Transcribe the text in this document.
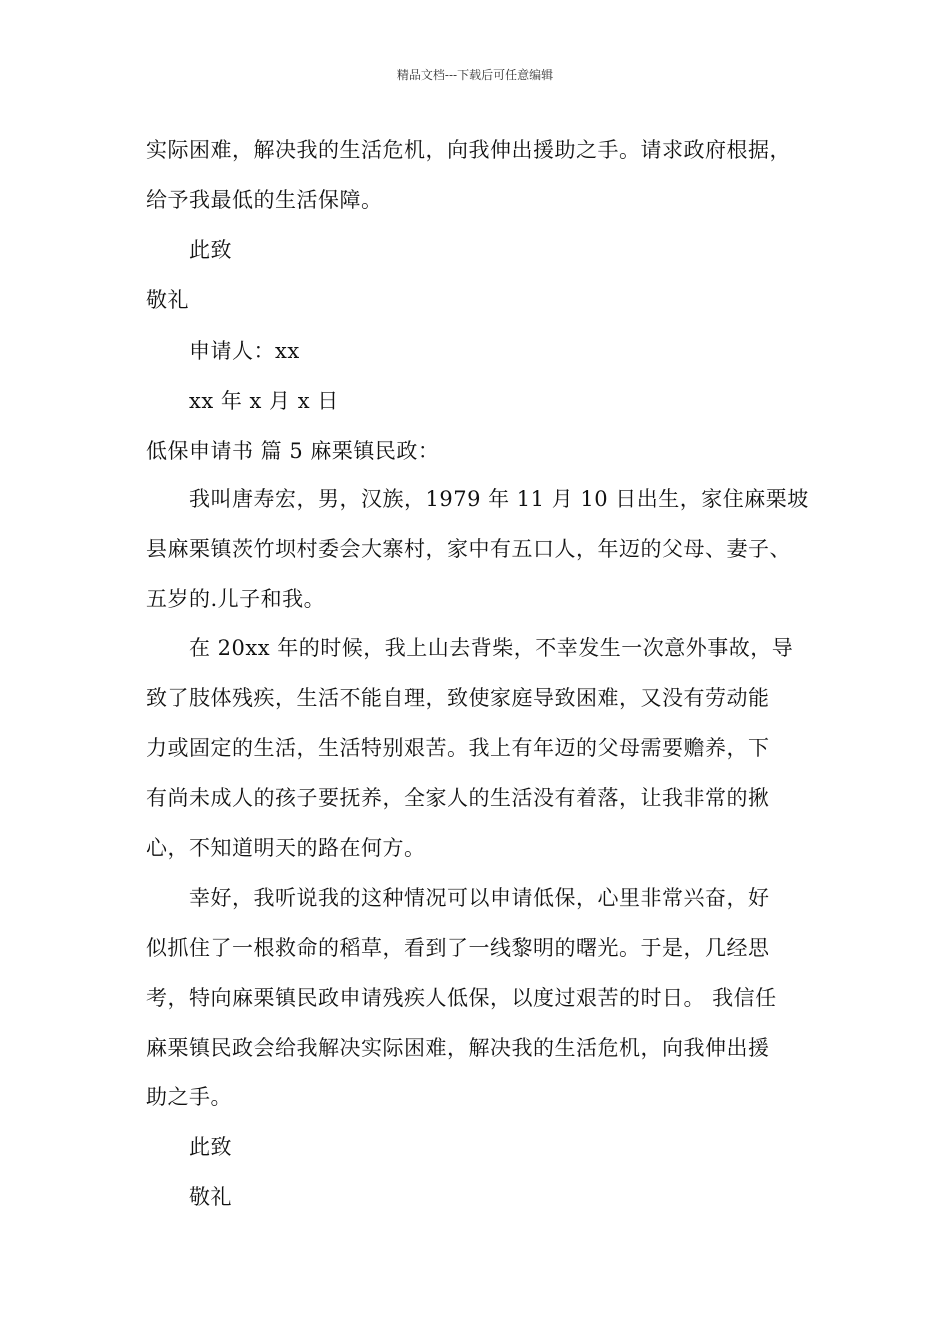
精品文档---下载后可任意编辑
实际困难，解决我的生活危机，向我伸出援助之手。请求政府根据，
给予我最低的生活保障。
此致
敬礼
申请人：xx
xx 年 x 月 x 日
低保申请书 篇 5 麻栗镇民政：
我叫唐寿宏，男，汉族，1979 年 11 月 10 日出生，家住麻栗坡
县麻栗镇茨竹坝村委会大寨村，家中有五口人，年迈的父母、妻子、
五岁的.儿子和我。
在 20xx 年的时候，我上山去背柴，不幸发生一次意外事故，导
致了肢体残疾，生活不能自理，致使家庭导致困难，又没有劳动能
力或固定的生活，生活特别艰苦。我上有年迈的父母需要赡养，下
有尚未成人的孩子要抚养，全家人的生活没有着落，让我非常的揪
心，不知道明天的路在何方。
幸好，我听说我的这种情况可以申请低保，心里非常兴奋，好
似抓住了一根救命的稻草，看到了一线黎明的曙光。于是，几经思
考，特向麻栗镇民政申请残疾人低保，以度过艰苦的时日。 我信任
麻栗镇民政会给我解决实际困难，解决我的生活危机，向我伸出援
助之手。
此致
敬礼
